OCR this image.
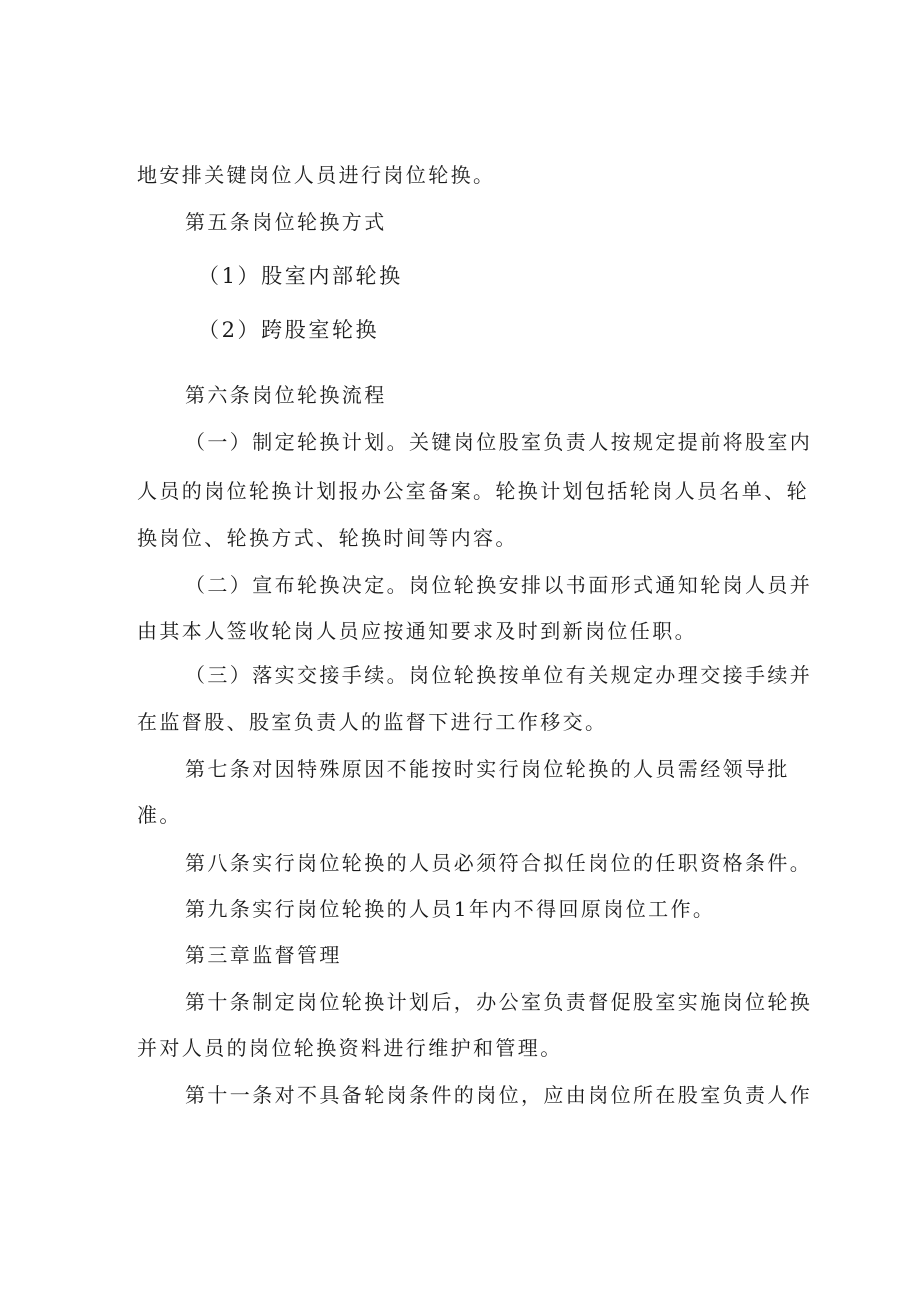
地安排关键岗位人员进行岗位轮换。
第五条岗位轮换方式
（1）股室内部轮换
（2）跨股室轮换
第六条岗位轮换流程
（一）制定轮换计划。关键岗位股室负责人按规定提前将股室内
人员的岗位轮换计划报办公室备案。轮换计划包括轮岗人员名单、轮
换岗位、轮换方式、轮换时间等内容。
（二）宣布轮换决定。岗位轮换安排以书面形式通知轮岗人员并
由其本人签收轮岗人员应按通知要求及时到新岗位任职。
（三）落实交接手续。岗位轮换按单位有关规定办理交接手续并
在监督股、股室负责人的监督下进行工作移交。
第七条对因特殊原因不能按时实行岗位轮换的人员需经领导批
准。
第八条实行岗位轮换的人员必须符合拟任岗位的任职资格条件。
第九条实行岗位轮换的人员1年内不得回原岗位工作。
第三章监督管理
第十条制定岗位轮换计划后，办公室负责督促股室实施岗位轮换
并对人员的岗位轮换资料进行维护和管理。
第十一条对不具备轮岗条件的岗位，应由岗位所在股室负责人作
